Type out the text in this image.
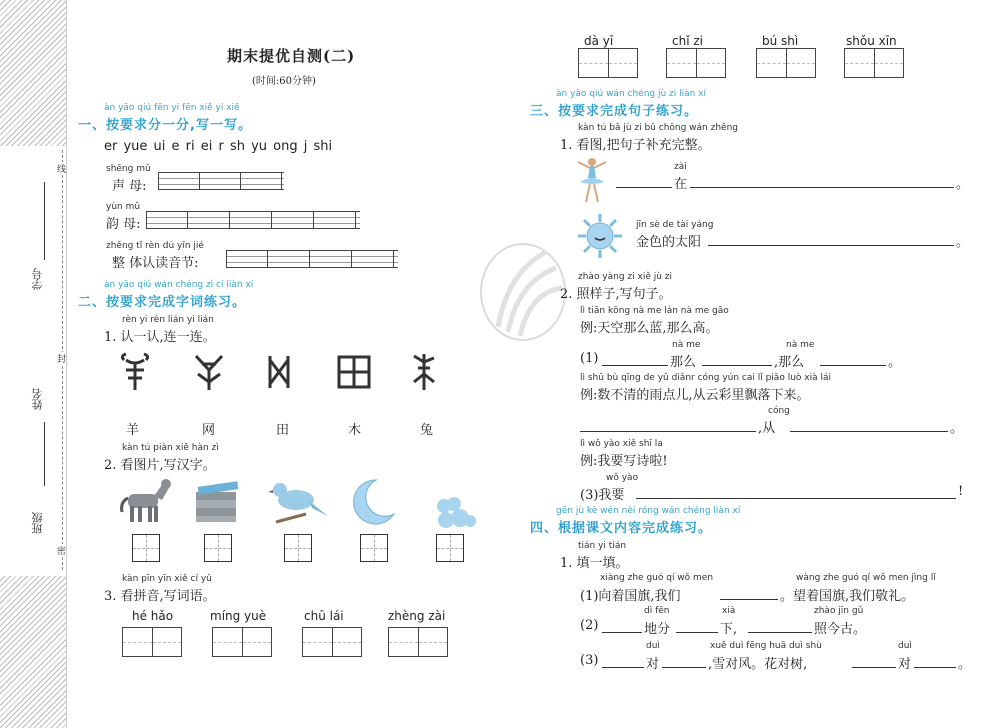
线
封
密
学号
姓名
班级
期末提优自测(二)
(时间:60分钟)
àn yāo qiú fēn yi fēn xiě yi xiě
一、按要求分一分,写一写。
er yue ui e ri ei r sh yu ong j shi
shēng mǔ
声 母:
yùn mǔ
韵 母:
zhěng tǐ rèn dú yīn jié
整 体认读音节:
àn yāo qiú wán chéng zì cí liàn xí
二、按要求完成字词练习。
rèn yi rèn lián yi lián
1. 认一认,连一连。
羊	网	田	木	兔
kàn tú piàn xiě hàn zì
2. 看图片,写汉字。
kàn pīn yīn xiě cí yǔ
3. 看拼音,写词语。
hé hǎo	míng yuè	chū lái	zhèng zài
dà yī	chǐ zi	bú shì	shǒu xīn
àn yāo qiú wán chéng jù zi liàn xí
三、按要求完成句子练习。
kàn tú bǎ jù zi bǔ chōng wán zhěng
1. 看图,把句子补充完整。
zài
在	。
jīn sè de tài yáng
金色的太阳	。
zhào yàng zi xiě jù zi
2. 照样子,写句子。
lì tiān kōng nà me lán nà me gāo
例:天空那么蓝,那么高。
nà me	nà me
(1)	那么	,那么	。
lì shǔ bù qīng de yǔ diǎnr cóng yún cai lǐ piāo luò xià lái
例:数不清的雨点儿,从云彩里飘落下来。
cóng
,从	。
lì wǒ yào xiě shī la
例:我要写诗啦!
wǒ yào
(3)我要	!
gēn jù kè wén nèi róng wán chéng liàn xí
四、根据课文内容完成练习。
tián yi tián
1. 填一填。
xiàng zhe guó qí wǒ men	wàng zhe guó qí wǒ men jìng lǐ
(1)向着国旗,我们	。望着国旗,我们敬礼。
dì fēn	xià	zhào jīn gǔ
(2)	地分	下,	照今古。
duì	xuě duì fēng huā duì shù	duì
(3)	对	,雪对风。花对树,	对	。
